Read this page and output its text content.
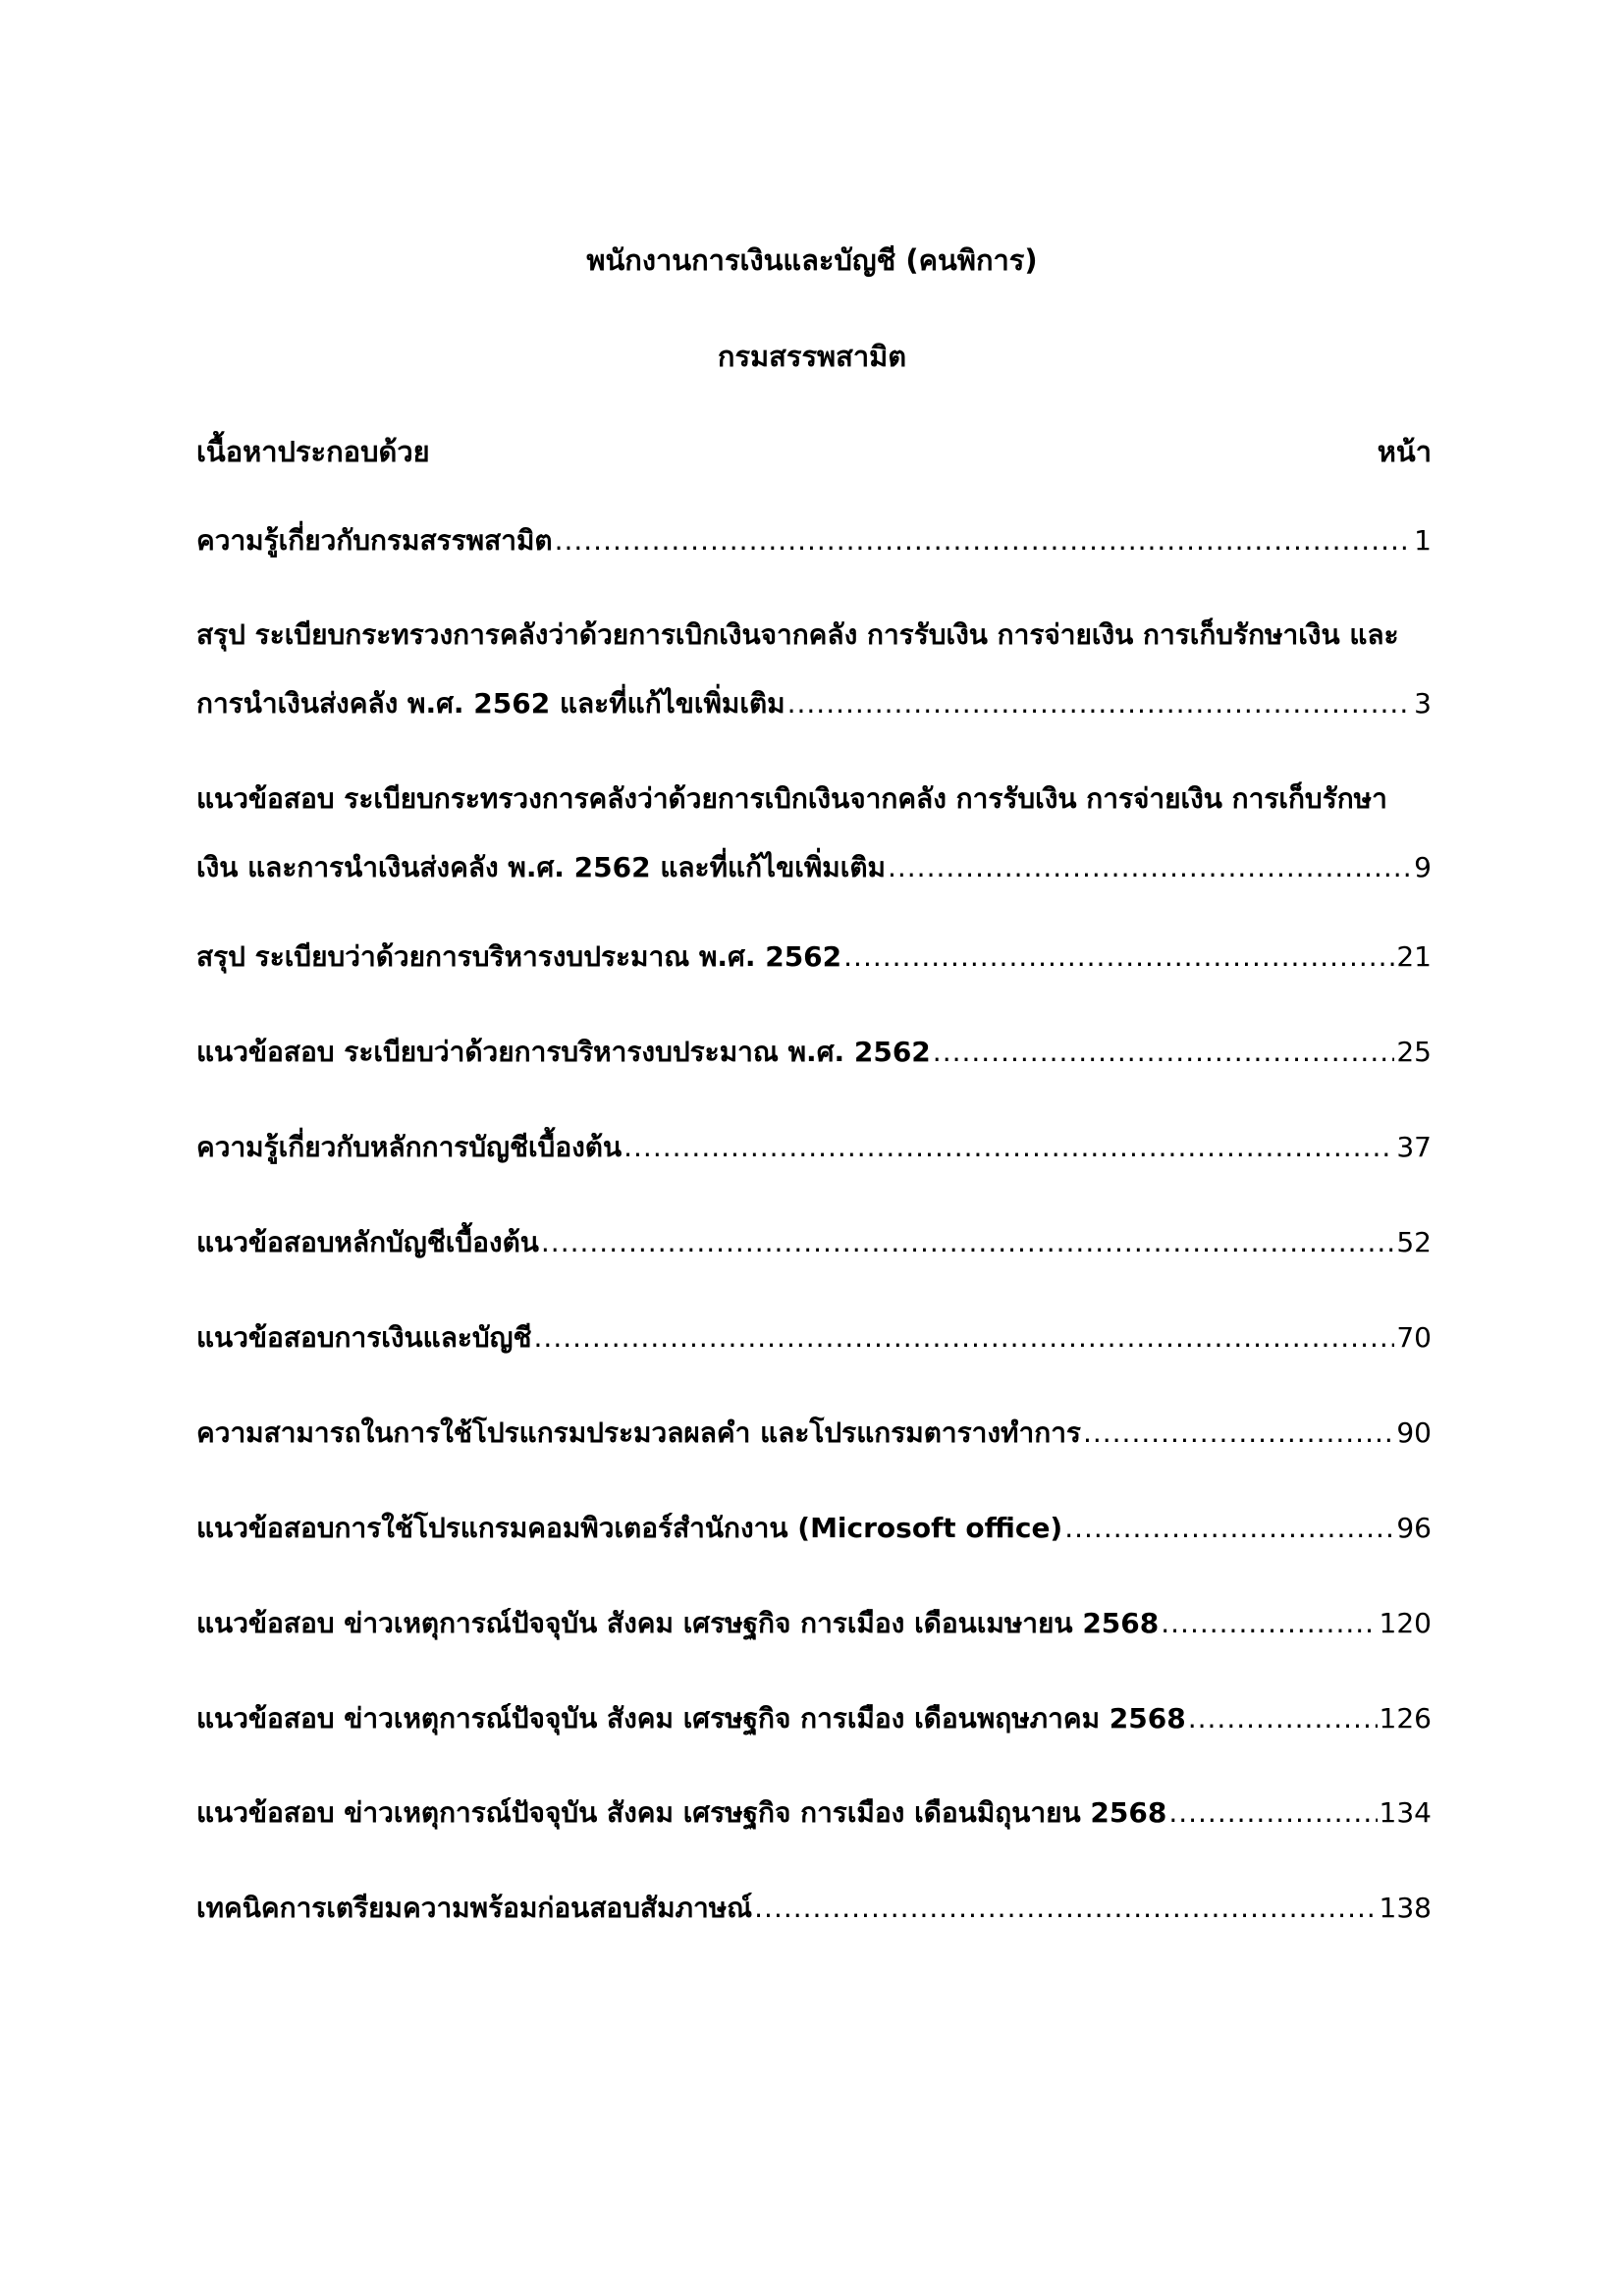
พนักงานการเงินและบัญชี (คนพิการ)
กรมสรรพสามิต
เนื้อหาประกอบด้วย	หน้า
ความรู้เกี่ยวกับกรมสรรพสามิต .....	1
สรุป ระเบียบกระทรวงการคลังว่าด้วยการเบิกเงินจากคลัง การรับเงิน การจ่ายเงิน การเก็บรักษาเงิน และ
การนำเงินส่งคลัง พ.ศ. 2562 และที่แก้ไขเพิ่มเติม .....	3
แนวข้อสอบ ระเบียบกระทรวงการคลังว่าด้วยการเบิกเงินจากคลัง การรับเงิน การจ่ายเงิน การเก็บรักษา
เงิน และการนำเงินส่งคลัง พ.ศ. 2562 และที่แก้ไขเพิ่มเติม .....	9
สรุป ระเบียบว่าด้วยการบริหารงบประมาณ พ.ศ. 2562 .....	21
แนวข้อสอบ ระเบียบว่าด้วยการบริหารงบประมาณ พ.ศ. 2562 .....	25
ความรู้เกี่ยวกับหลักการบัญชีเบื้องต้น .....	37
แนวข้อสอบหลักบัญชีเบื้องต้น .....	52
แนวข้อสอบการเงินและบัญชี .....	70
ความสามารถในการใช้โปรแกรมประมวลผลคำ และโปรแกรมตารางทำการ .....	90
แนวข้อสอบการใช้โปรแกรมคอมพิวเตอร์สำนักงาน (Microsoft office) .....	96
แนวข้อสอบ ข่าวเหตุการณ์ปัจจุบัน สังคม เศรษฐกิจ การเมือง เดือนเมษายน 2568 .....	120
แนวข้อสอบ ข่าวเหตุการณ์ปัจจุบัน สังคม เศรษฐกิจ การเมือง เดือนพฤษภาคม 2568 .....	126
แนวข้อสอบ ข่าวเหตุการณ์ปัจจุบัน สังคม เศรษฐกิจ การเมือง เดือนมิถุนายน 2568 .....	134
เทคนิคการเตรียมความพร้อมก่อนสอบสัมภาษณ์ .....	138
